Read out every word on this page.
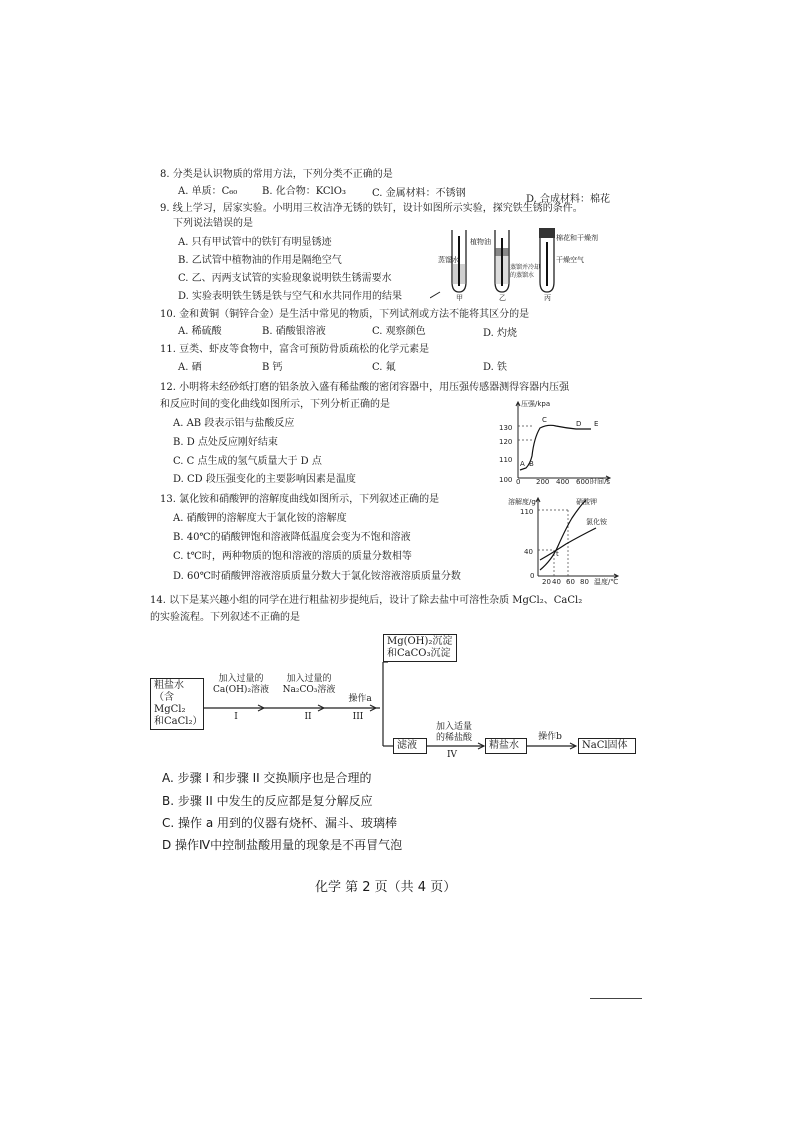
8. 分类是认识物质的常用方法，下列分类不正确的是
A. 单质：C₆₀ B. 化合物：KClO₃	C. 金属材料：不锈钢
D. 合成材料：棉花
9. 线上学习，居家实验。小明用三枚洁净无锈的铁钉，设计如图所示实验，探究铁生锈的条件。
下列说法错误的是
A. 只有甲试管中的铁钉有明显锈迹
B. 乙试管中植物油的作用是隔绝空气
C. 乙、丙两支试管的实验现象说明铁生锈需要水
D. 实验表明铁生锈是铁与空气和水共同作用的结果
蒸馏水
植物油
蒸馏并冷却的蒸馏水
棉花和干燥剂
干燥空气
甲	乙	丙
10. 金和黄铜（铜锌合金）是生活中常见的物质，下列试剂或方法不能将其区分的是
A. 稀硫酸	B. 硝酸银溶液	C. 观察颜色	D. 灼烧
11. 豆类、虾皮等食物中，富含可预防骨质疏松的化学元素是
A. 硒	B 钙	C. 氟	D. 铁
12. 小明将未经砂纸打磨的铝条放入盛有稀盐酸的密闭容器中，用压强传感器测得容器内压强
和反应时间的变化曲线如图所示，下列分析正确的是
A. AB 段表示铝与盐酸反应
B. D 点处反应刚好结束
C. C 点生成的氢气质量大于 D 点
D. CD 段压强变化的主要影响因素是温度
130
120
110
100 0 200 400 600
压强/kpa
时间/s
A B
C	D E
13. 氯化铵和硝酸钾的溶解度曲线如图所示，下列叙述正确的是
A. 硝酸钾的溶解度大于氯化铵的溶解度
B. 40℃的硝酸钾饱和溶液降低温度会变为不饱和溶液
C. t℃时，两种物质的饱和溶液的溶质的质量分数相等
D. 60℃时硝酸钾溶液溶质质量分数大于氯化铵溶液溶质质量分数
110
40
0
20 40 60 80 温度/℃
溶解度/g
t
硝酸钾
氯化铵
14. 以下是某兴趣小组的同学在进行粗盐初步提纯后，设计了除去盐中可溶性杂质 MgCl₂、CaCl₂
的实验流程。下列叙述不正确的是
粗盐水
（含MgCl₂
和CaCl₂）
加入过量的
Ca(OH)₂溶液
I
加入过量的
Na₂CO₃溶液
II
操作a
III
Mg(OH)₂沉淀
和CaCO₃沉淀
滤液
加入适量
的稀盐酸
IV
精盐水
操作b
NaCl固体
A. 步骤 I 和步骤 II 交换顺序也是合理的
B. 步骤 II 中发生的反应都是复分解反应
C. 操作 a 用到的仪器有烧杯、漏斗、玻璃棒
D 操作Ⅳ中控制盐酸用量的现象是不再冒气泡
化学 第 2 页（共 4 页）
